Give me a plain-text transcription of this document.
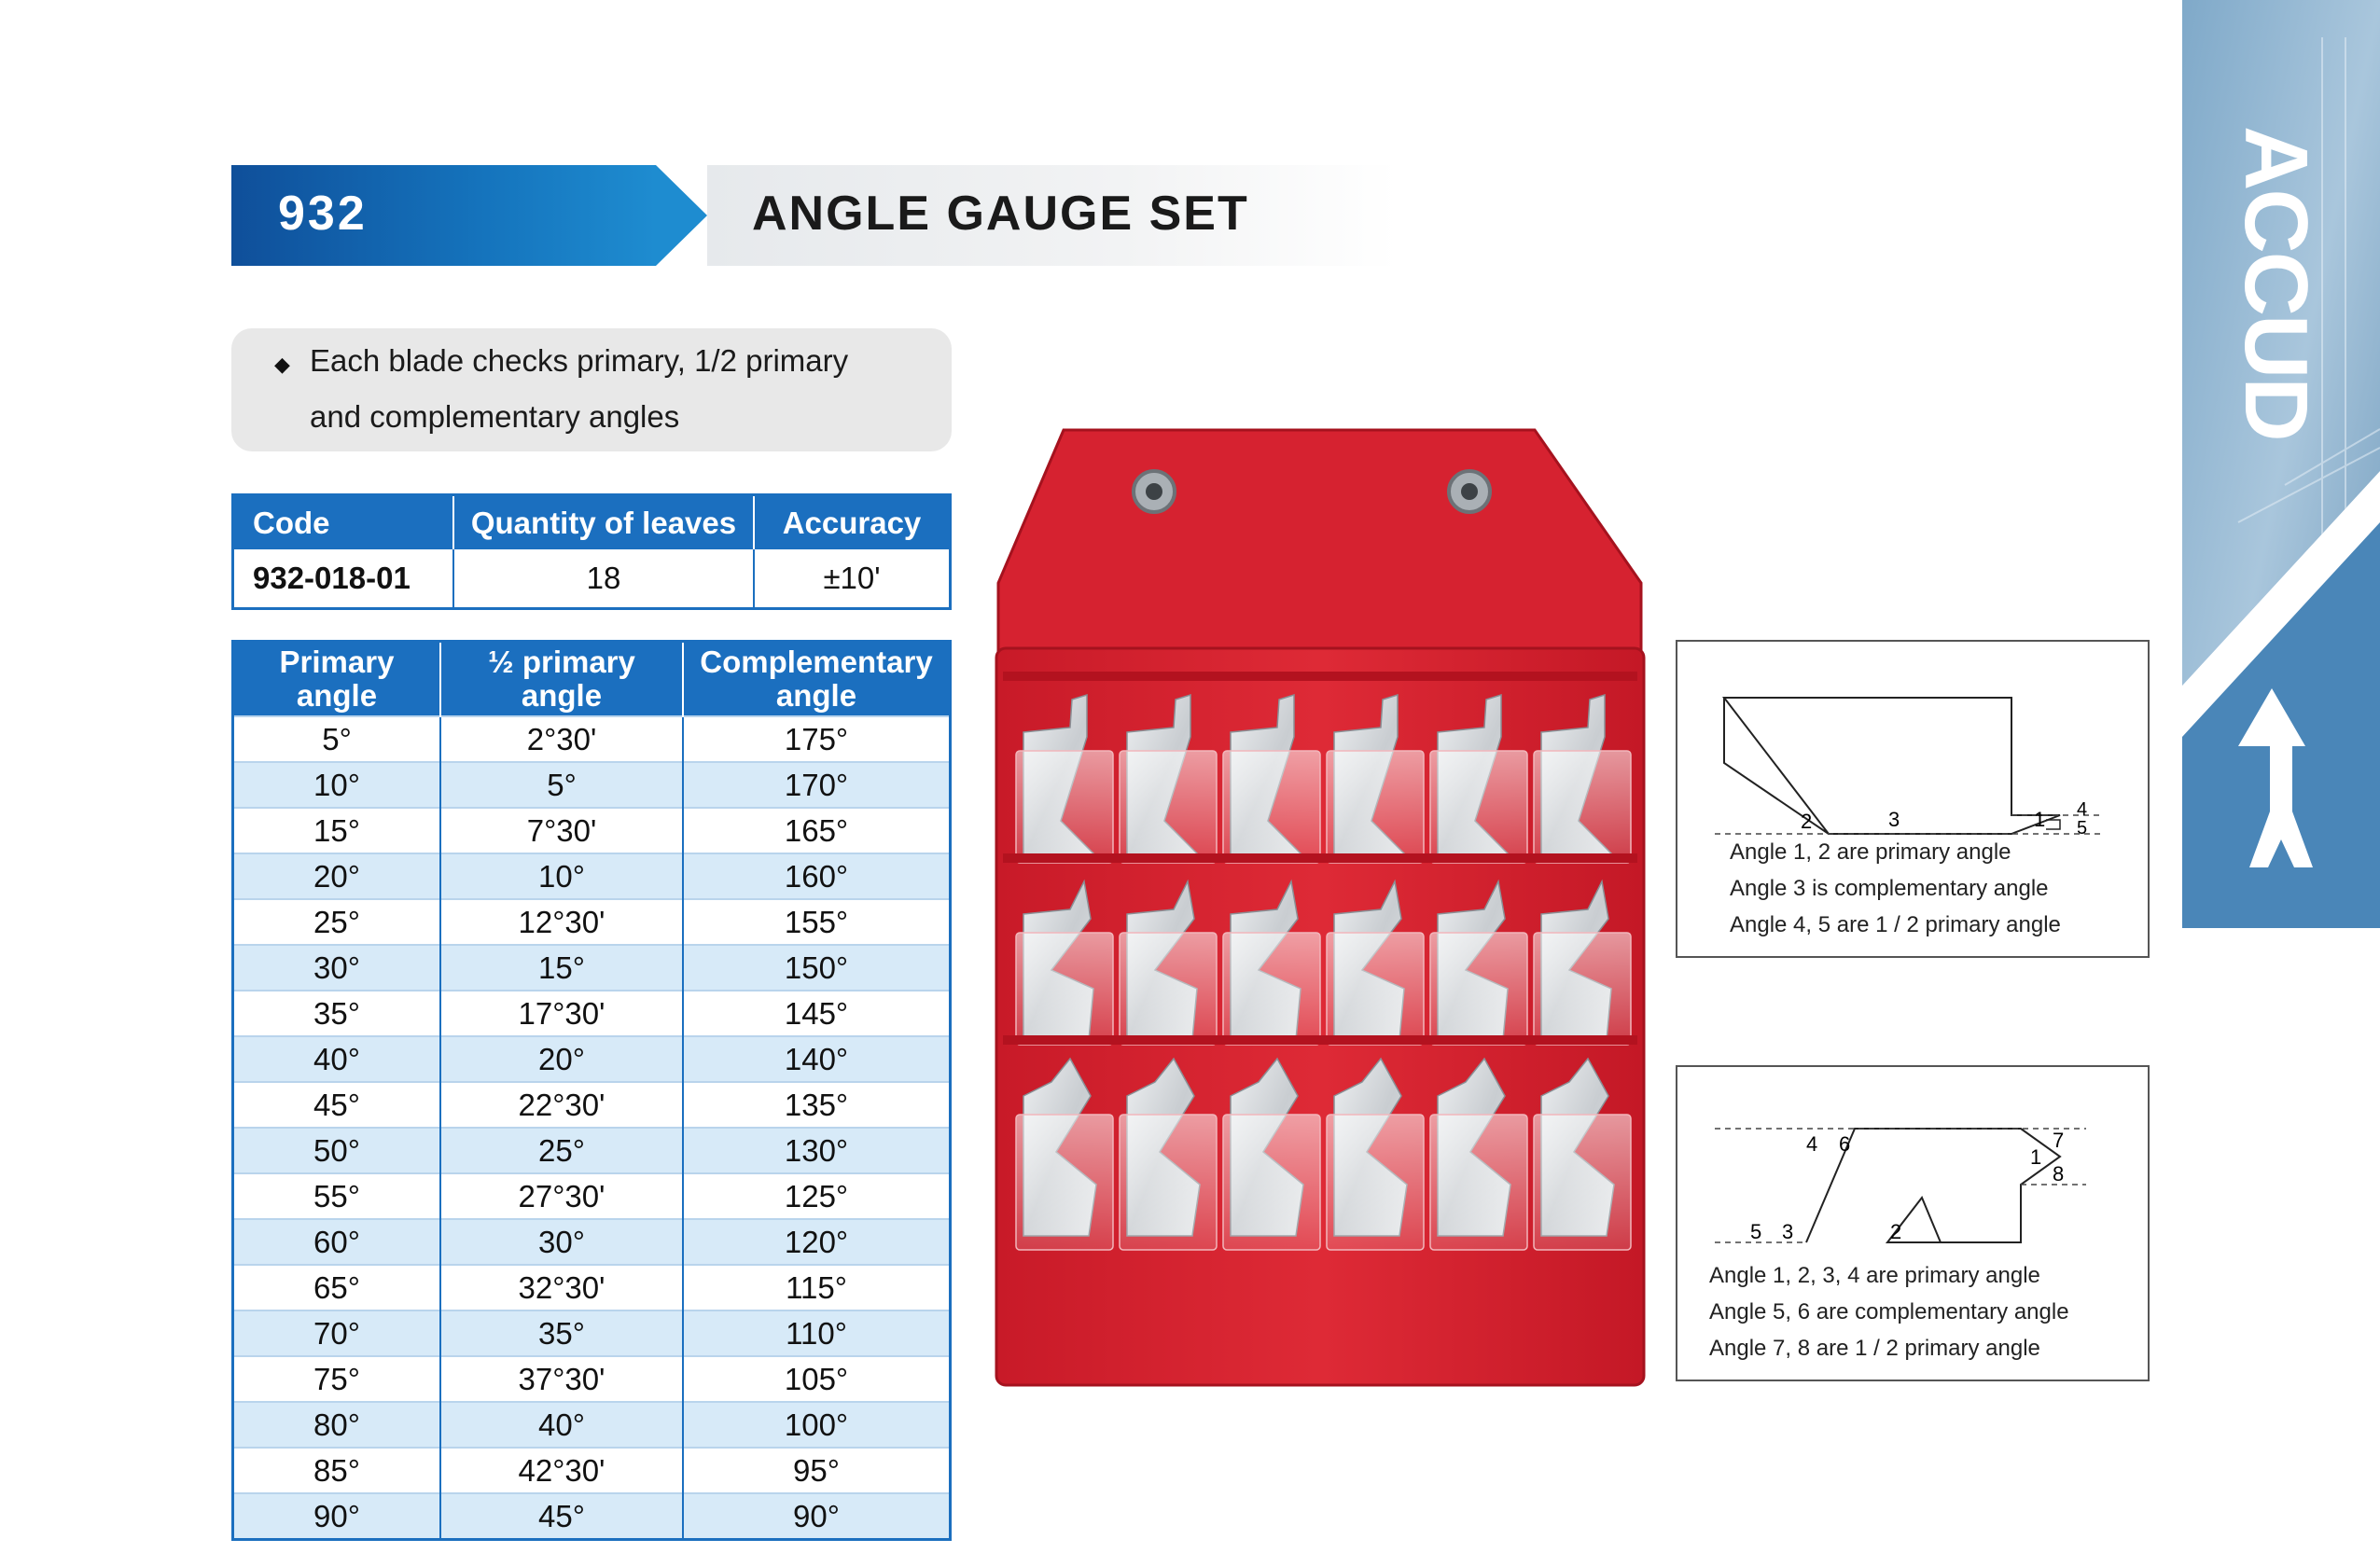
932	ANGLE GAUGE SET
◆ Each blade checks primary, 1/2 primary
and complementary angles
Code	Quantity of leaves	Accuracy
932-018-01	18	±10'
Primary
angle	½ primary
angle	Complementary
angle
5°	2°30'	175°
10°	5°	170°
15°	7°30'	165°
20°	10°	160°
25°	12°30'	155°
30°	15°	150°
35°	17°30'	145°
40°	20°	140°
45°	22°30'	135°
50°	25°	130°
55°	27°30'	125°
60°	30°	120°
65°	32°30'	115°
70°	35°	110°
75°	37°30'	105°
80°	40°	100°
85°	42°30'	95°
90°	45°	90°
2	3	1 4
5
Angle 1, 2 are primary angle
Angle 3 is complementary angle
Angle 4, 5 are 1 / 2 primary angle
4 6	7
1
8
5 3	2
Angle 1, 2, 3, 4 are primary angle
Angle 5, 6 are complementary angle
Angle 7, 8 are 1 / 2 primary angle
ACCUD
